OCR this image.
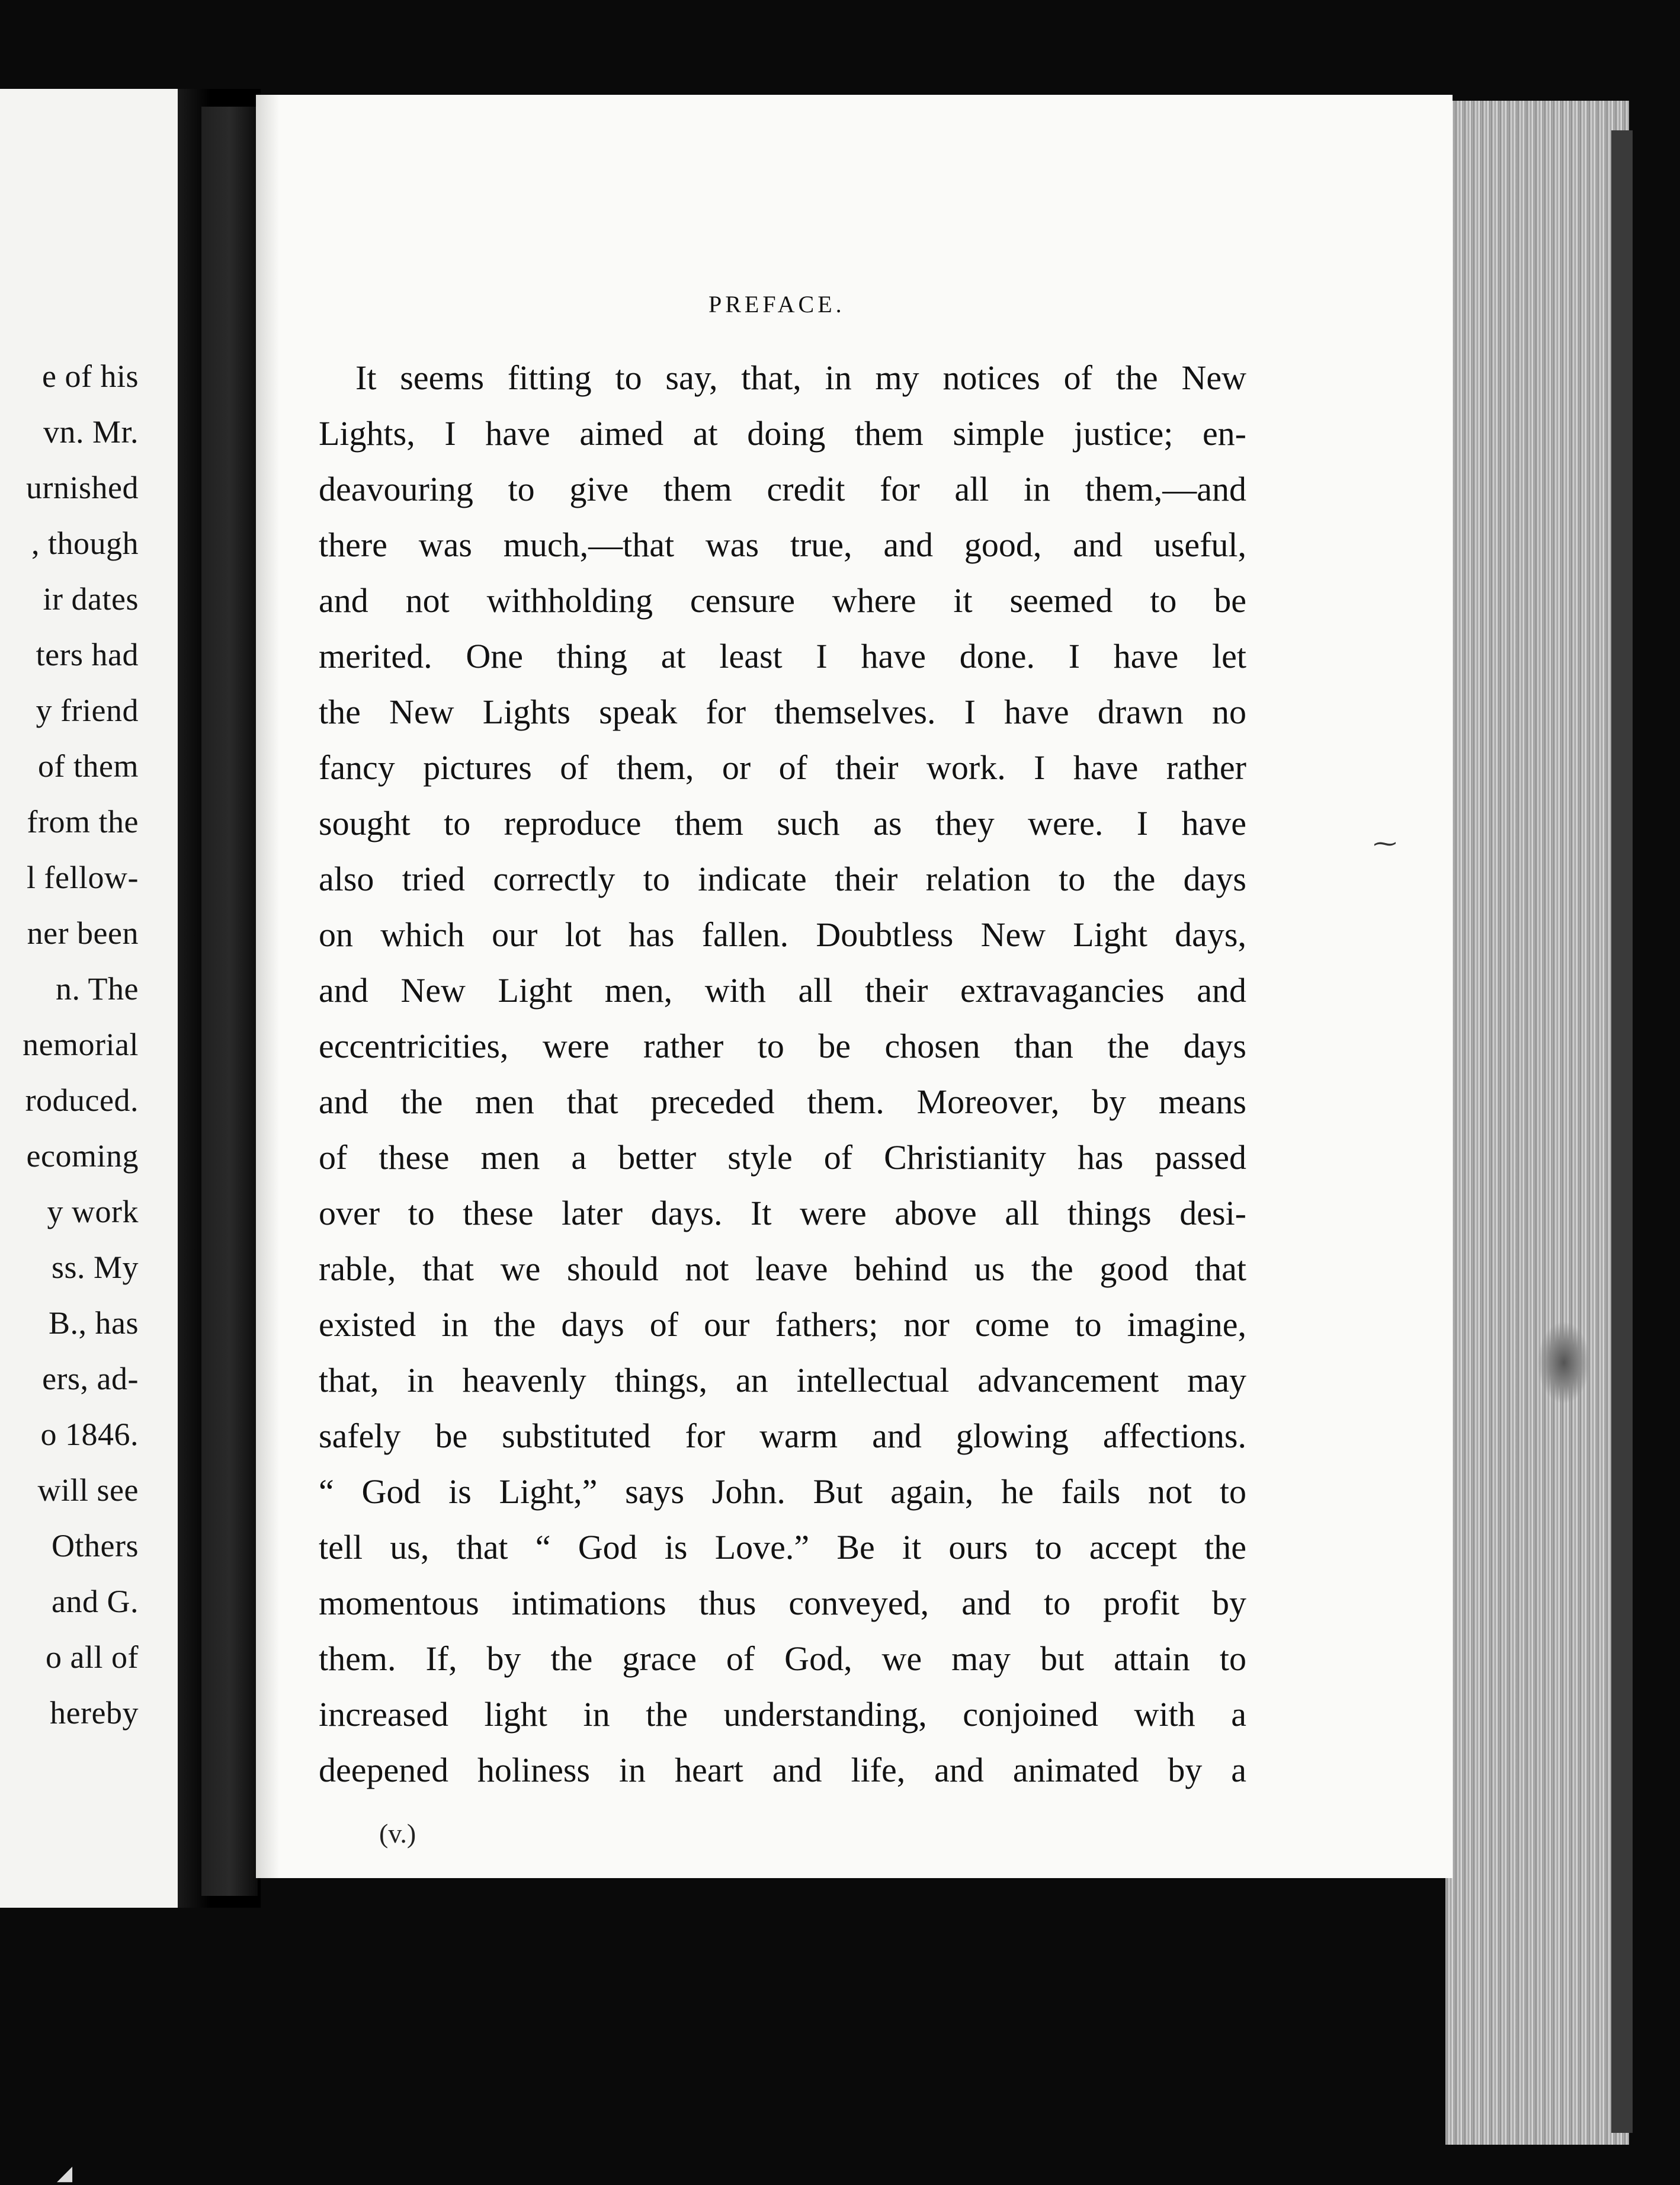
e of his
vn. Mr.
urnished
, though
ir dates
ters had
y friend
of them
from the
l fellow-
ner been
n. The
nemorial
roduced.
ecoming
y work
ss. My
B., has
ers, ad-
o 1846.
will see
Others
and G.
o all of
hereby
PREFACE.
It seems fitting to say, that, in my notices of the New
Lights, I have aimed at doing them simple justice; en-
deavouring to give them credit for all in them,—and
there was much,—that was true, and good, and useful,
and not withholding censure where it seemed to be
merited. One thing at least I have done. I have let
the New Lights speak for themselves. I have drawn no
fancy pictures of them, or of their work. I have rather
sought to reproduce them such as they were. I have
also tried correctly to indicate their relation to the days
on which our lot has fallen. Doubtless New Light days,
and New Light men, with all their extravagancies and
eccentricities, were rather to be chosen than the days
and the men that preceded them. Moreover, by means
of these men a better style of Christianity has passed
over to these later days. It were above all things desi-
rable, that we should not leave behind us the good that
existed in the days of our fathers; nor come to imagine,
that, in heavenly things, an intellectual advancement may
safely be substituted for warm and glowing affections.
“ God is Light,” says John. But again, he fails not to
tell us, that “ God is Love.” Be it ours to accept the
momentous intimations thus conveyed, and to profit by
them. If, by the grace of God, we may but attain to
increased light in the understanding, conjoined with a
deepened holiness in heart and life, and animated by a
(v.)
⁓
◢
